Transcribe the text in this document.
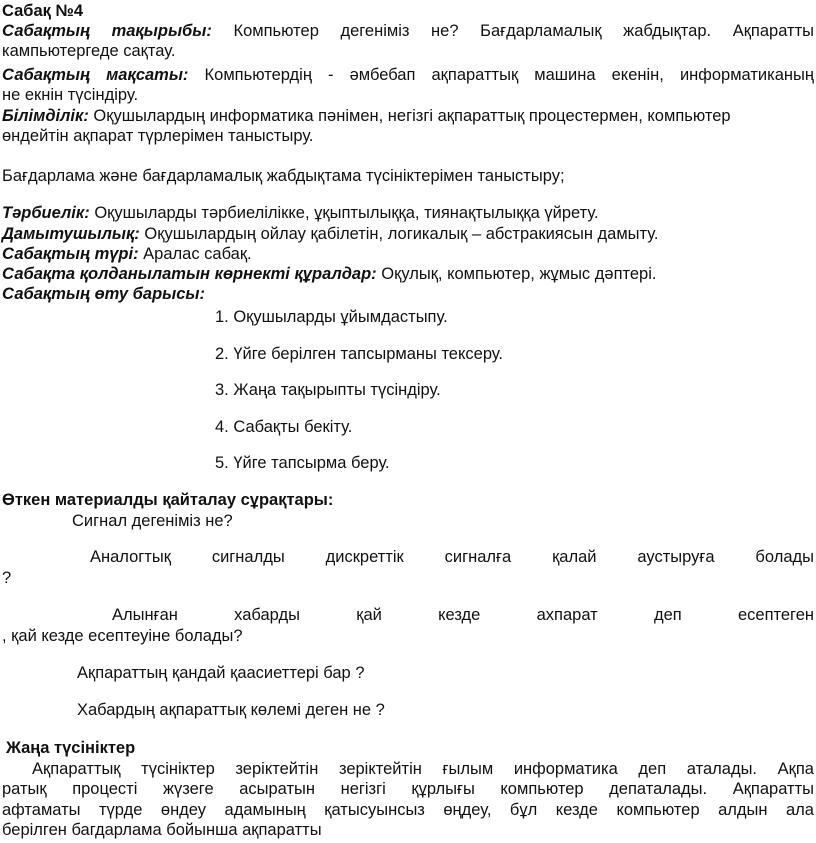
Сабақ №4
Сабақтың тақырыбы: Компьютер дегеніміз не? Бағдарламалық жабдықтар. Ақпаратты
кампьютергеде сақтау.
Сабақтың мақсаты: Компьютердің - әмбебап ақпараттық машина екенін, информатиканың
не екнін түсіндіру.
Білімділік: Оқушылардың информатика пәнімен, негізгі ақпараттық процестермен, компьютер
өндейтін ақпарат түрлерімен таныстыру.
Бағдарлама және бағдарламалық жабдықтама түсініктерімен таныстыру;
Тәрбиелік: Оқушыларды тәрбиелілікке, ұқыптылыққа, тиянақтылыққа үйрету.
Дамытушылық: Оқушылардың ойлау қабілетін, логикалық – абстракиясын дамыту.
Сабақтың түрі: Аралас сабақ.
Сабақта қолданылатын көрнекті құралдар: Оқулық, компьютер, жұмыс дәптері.
Сабақтың өту барысы:
1. Оқушыларды ұйымдастыпу.
2. Үйге берілген тапсырманы тексеру.
3. Жаңа тақырыпты түсіндіру.
4. Сабақты бекіту.
5. Үйге тапсырма беру.
Өткен материалды қайталау сұрақтары:
Сигнал дегеніміз не?
Аналогтық сигналды дискреттік сигналға қалай аустыруға болады
?
Алынған хабарды қай кезде ахпарат деп есептеген
, қай кезде есептеуіне болады?
Ақпараттың қандай қаасиеттері бар ?
Хабардың ақпараттық көлемі деген не ?
Жаңа түсініктер
Ақпараттық түсініктер зеріктейтін зеріктейтін ғылым информатика деп аталады. Ақпа
ратық процесті жүзеге асыратын негізгі құрлығы компьютер депаталады. Ақпаратты
афтаматы түрде өндеу адамының қатысуынсыз өңдеу, бұл кезде компьютер алдын ала
берілген багдарлама бойынша ақпаратты
